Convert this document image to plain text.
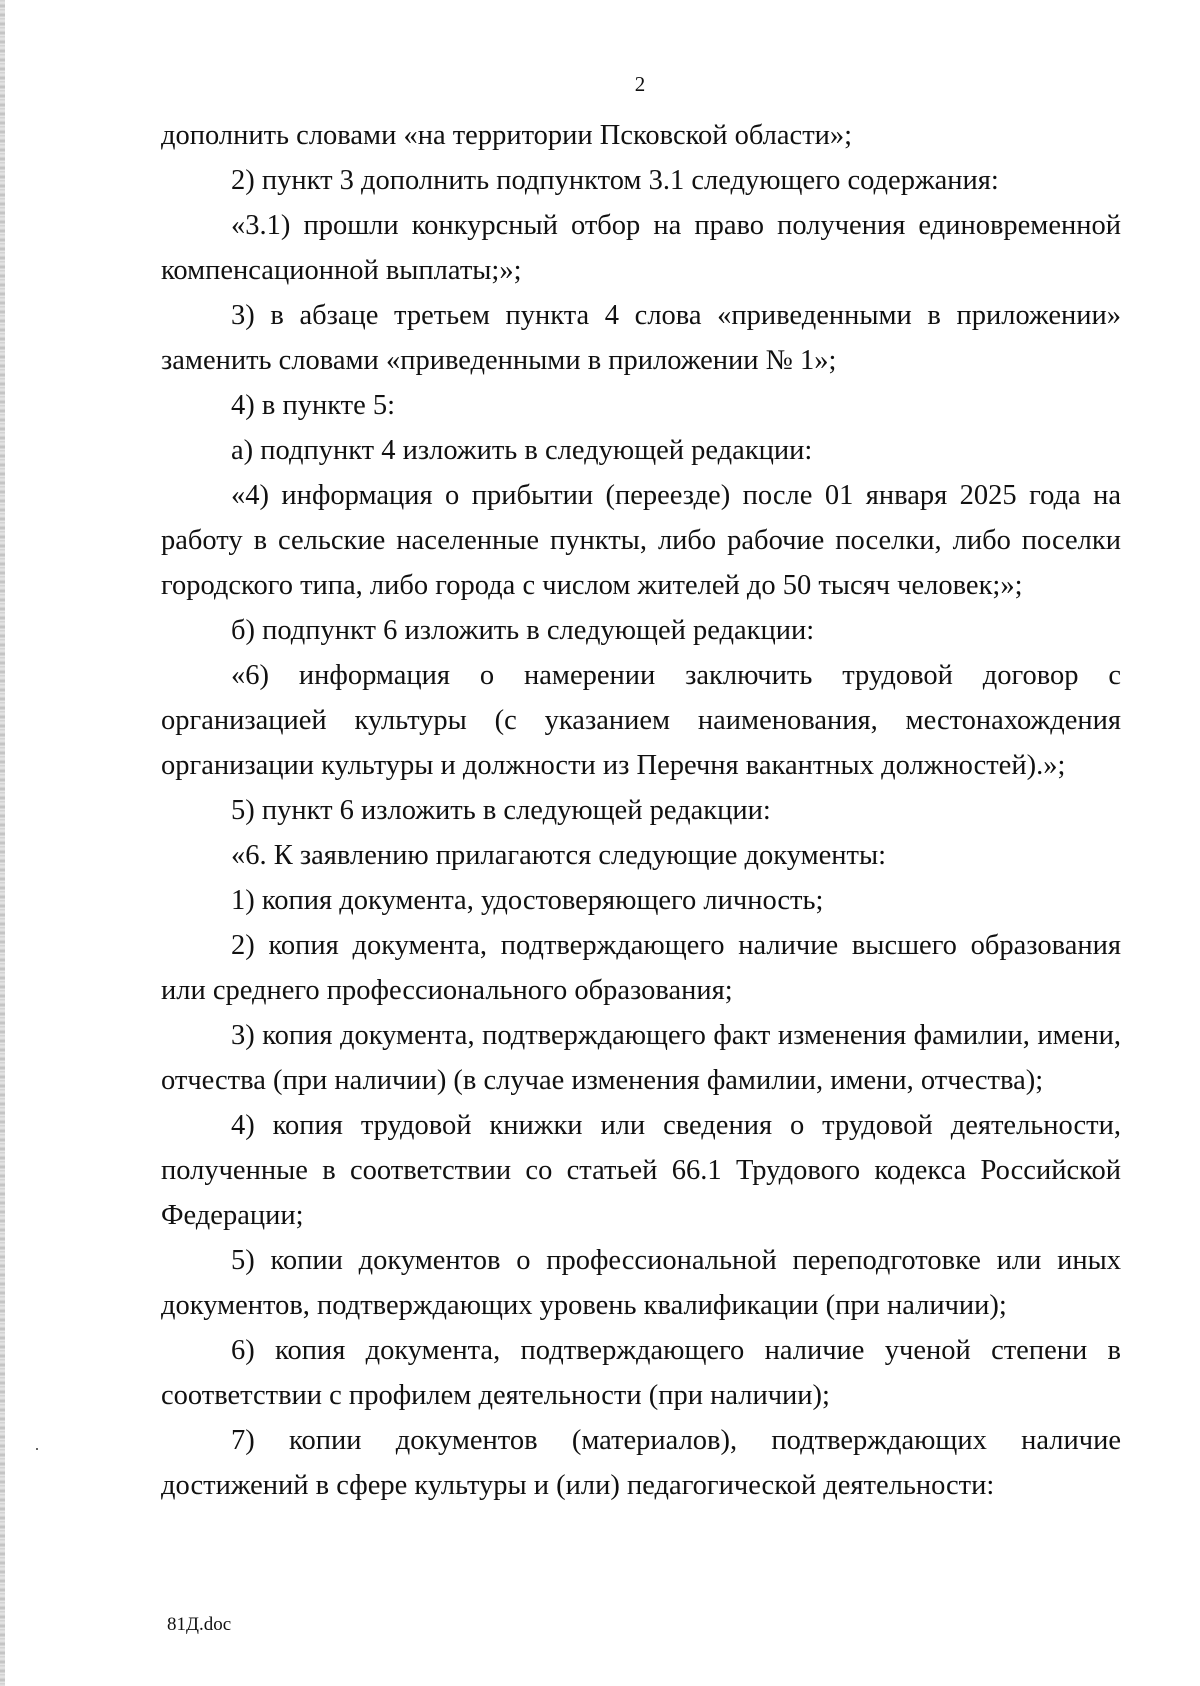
2

дополнить словами «на территории Псковской области»;

2) пункт 3 дополнить подпунктом 3.1 следующего содержания:

«3.1) прошли конкурсный отбор на право получения единовременной компенсационной выплаты;»;

3) в абзаце третьем пункта 4 слова «приведенными в приложении» заменить словами «приведенными в приложении № 1»;

4) в пункте 5:

а) подпункт 4 изложить в следующей редакции:

«4) информация о прибытии (переезде) после 01 января 2025 года на работу в сельские населенные пункты, либо рабочие поселки, либо поселки городского типа, либо города с числом жителей до 50 тысяч человек;»;

б) подпункт 6 изложить в следующей редакции:

«6) информация о намерении заключить трудовой договор с организацией культуры (с указанием наименования, местонахождения организации культуры и должности из Перечня вакантных должностей).»;

5) пункт 6 изложить в следующей редакции:

«6. К заявлению прилагаются следующие документы:

1) копия документа, удостоверяющего личность;

2) копия документа, подтверждающего наличие высшего образования или среднего профессионального образования;

3) копия документа, подтверждающего факт изменения фамилии, имени, отчества (при наличии) (в случае изменения фамилии, имени, отчества);

4) копия трудовой книжки или сведения о трудовой деятельности, полученные в соответствии со статьей 66.1 Трудового кодекса Российской Федерации;

5) копии документов о профессиональной переподготовке или иных документов, подтверждающих уровень квалификации (при наличии);

6) копия документа, подтверждающего наличие ученой степени в соответствии с профилем деятельности (при наличии);

7) копии документов (материалов), подтверждающих наличие достижений в сфере культуры и (или) педагогической деятельности:

81Д.doc
